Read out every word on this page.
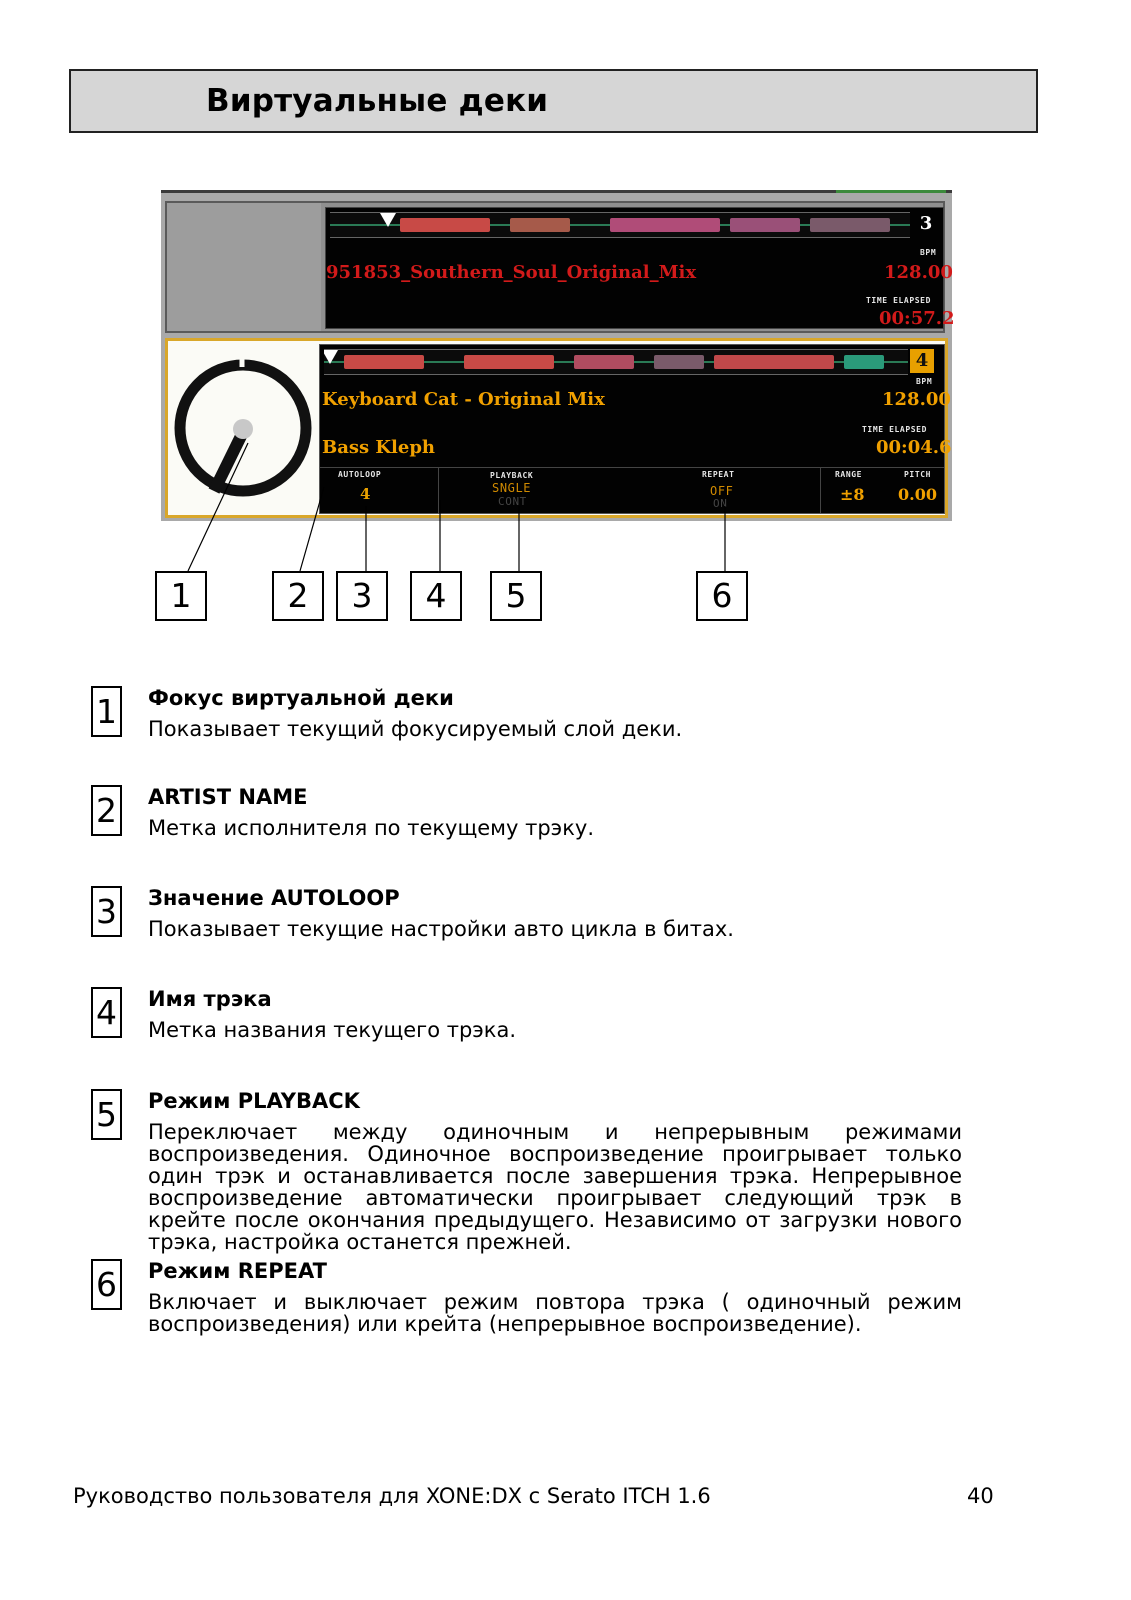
Виртуальные деки
3
BPM
951853_Southern_Soul_Original_Mix	128.00
TIME ELAPSED
00:57.2
4
BPM
Keyboard Cat - Original Mix	128.00
TIME ELAPSED
Bass Kleph	00:04.6
AUTOLOOP
4
PLAYBACK
SNGLE
CONT
REPEAT
OFF
ON
RANGE
±8
PITCH
0.00
1	2	3	4	5	6
1 Фокус виртуальной деки

Показывает текущий фокусируемый слой деки.

2 ARTIST NAME

Метка исполнителя по текущему трэку.

3 Значение AUTOLOOP

Показывает текущие настройки авто цикла в битах.

4 Имя трэка

Метка названия текущего трэка.

5 Режим PLAYBACK

Переключает между одиночным и непрерывным режимами воспроизведения. Одиночное воспроизведение проигрывает только один трэк и останавливается после завершения трэка. Непрерывное воспроизведение автоматически проигрывает следующий трэк в крейте после окончания предыдущего. Независимо от загрузки нового трэка, настройка останется прежней.

6 Режим REPEAT

Включает и выключает режим повтора трэка ( одиночный режим воспроизведения) или крейта (непрерывное воспроизведение).

Руководство пользователя для XONE:DX с Serato ITCH 1.6	40
